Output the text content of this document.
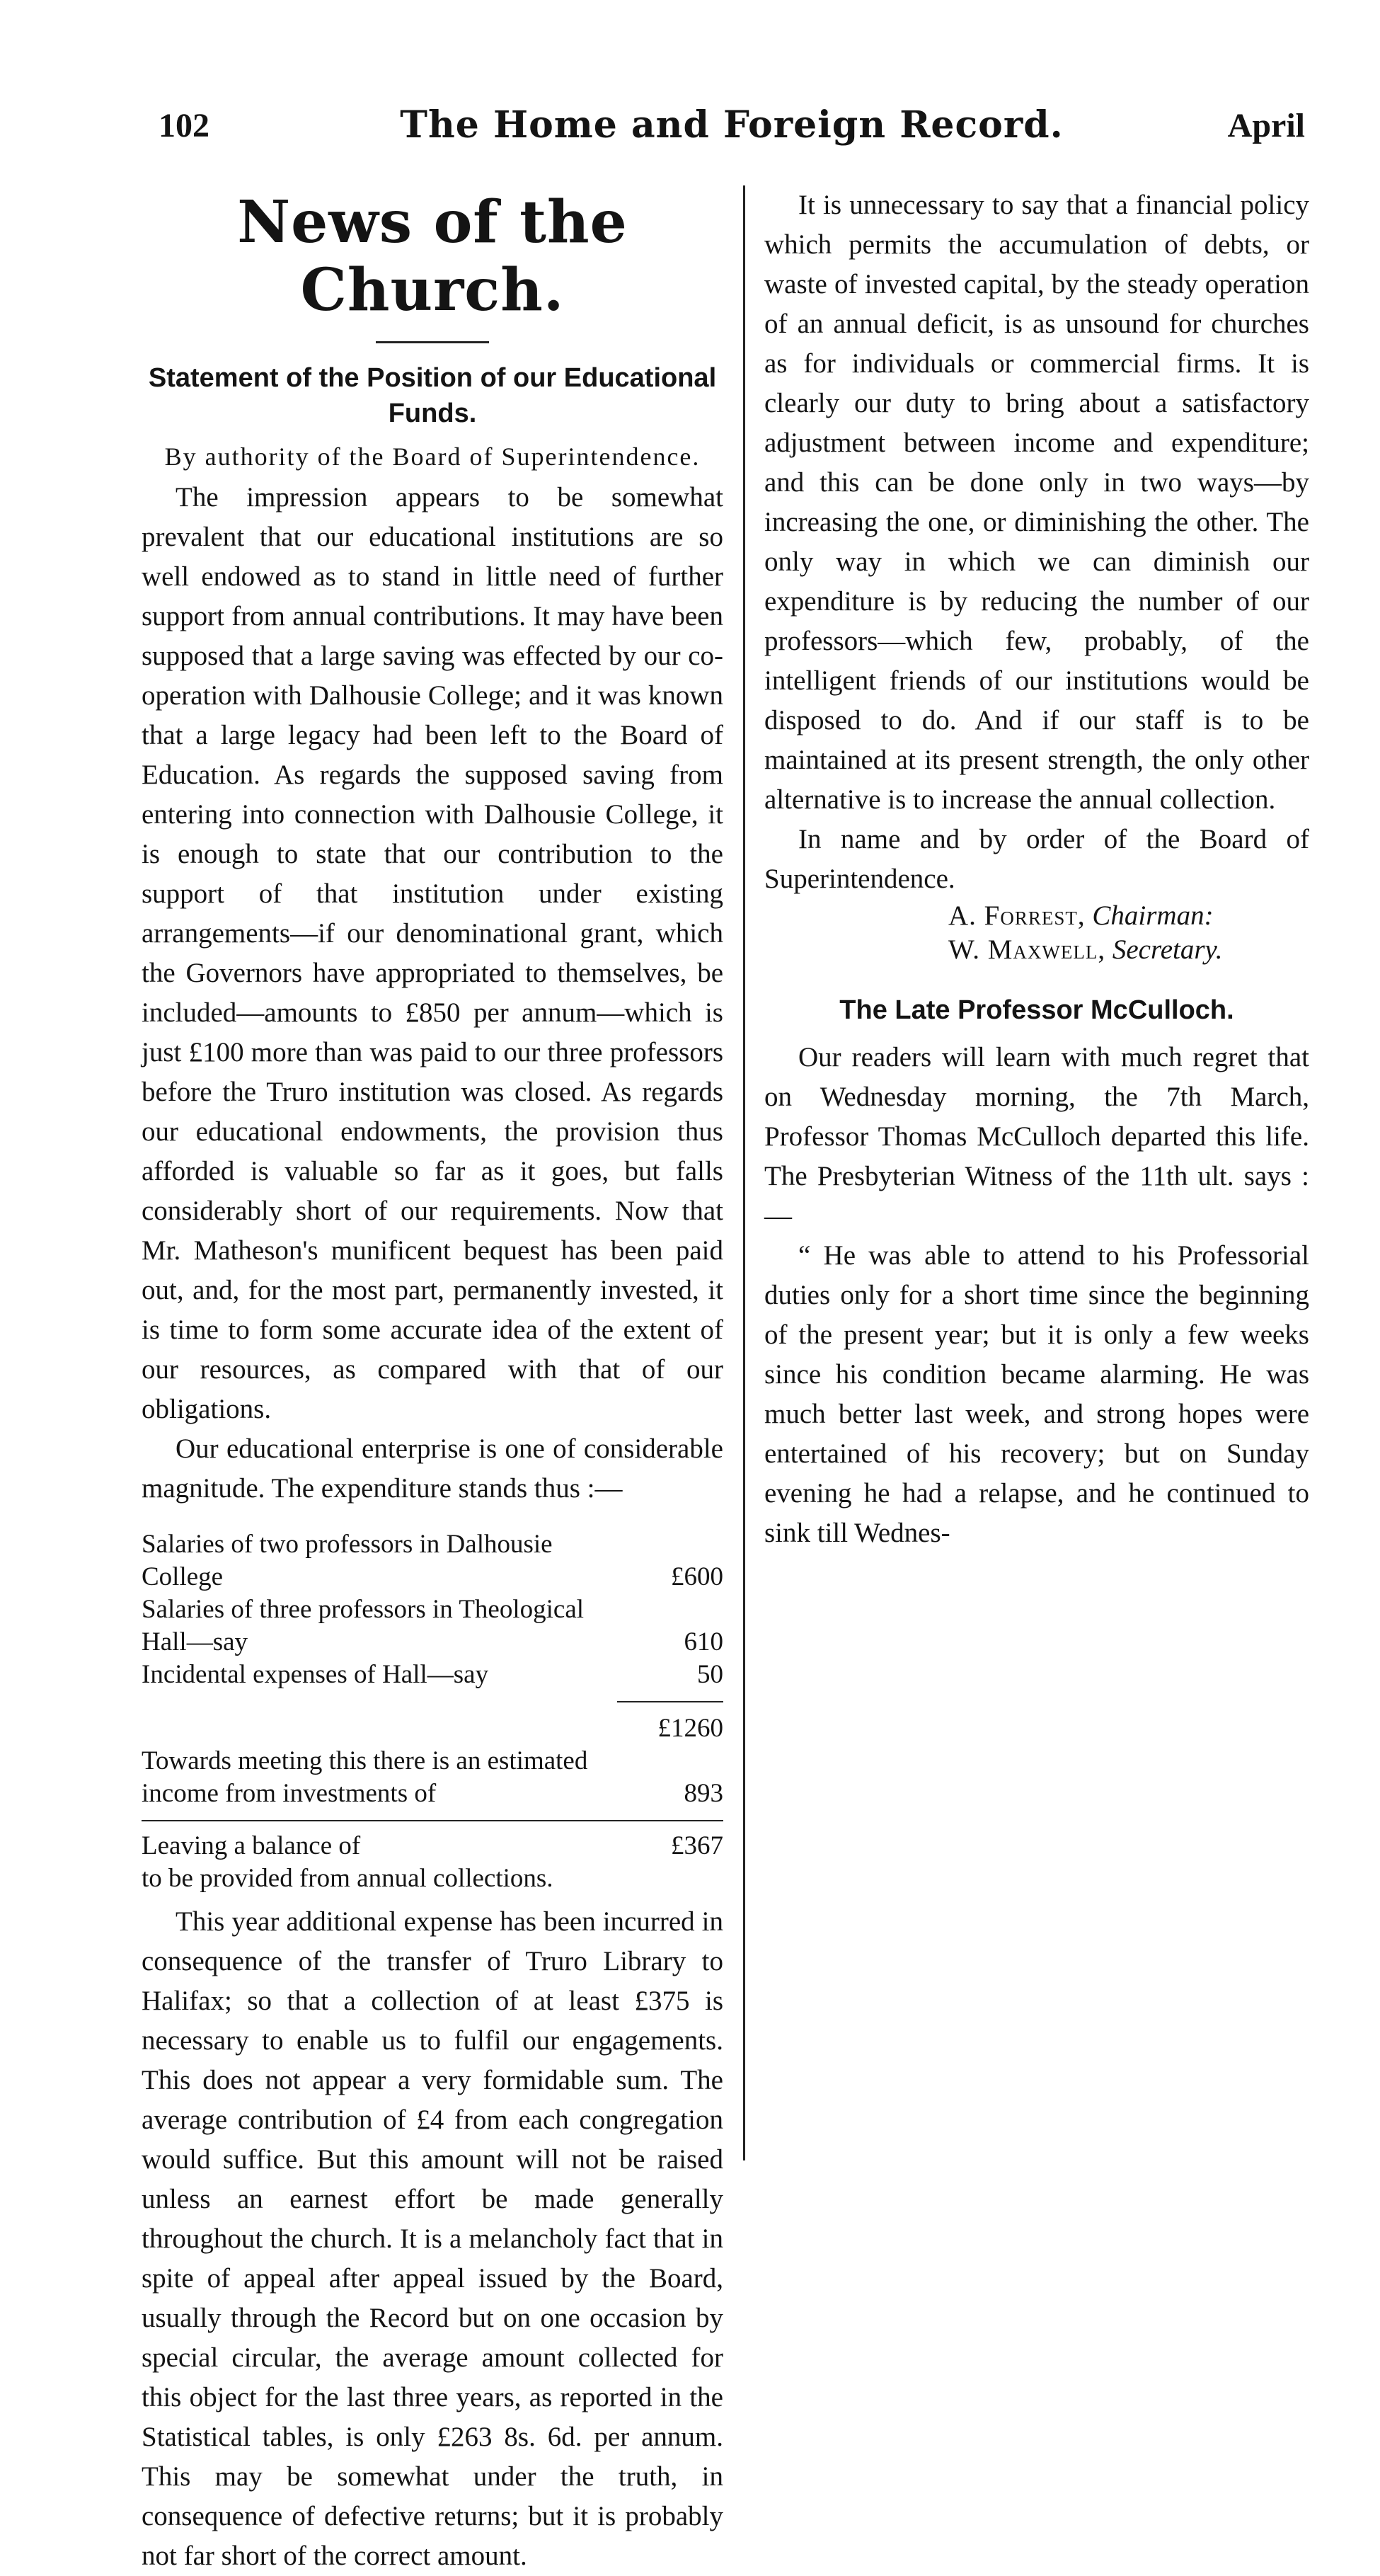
102	The Home and Foreign Record.	April
News of the Church.
Statement of the Position of our Educational Funds.
By authority of the Board of Superintendence.

The impression appears to be somewhat prevalent that our educational institutions are so well endowed as to stand in little need of further support from annual contributions. It may have been supposed that a large saving was effected by our co-operation with Dalhousie College; and it was known that a large legacy had been left to the Board of Education. As regards the supposed saving from entering into connection with Dalhousie College, it is enough to state that our contribution to the support of that institution under existing arrangements—if our denominational grant, which the Governors have appropriated to themselves, be included—amounts to £850 per annum—which is just £100 more than was paid to our three professors before the Truro institution was closed. As regards our educational endowments, the provision thus afforded is valuable so far as it goes, but falls considerably short of our requirements. Now that Mr. Matheson's munificent bequest has been paid out, and, for the most part, permanently invested, it is time to form some accurate idea of the extent of our resources, as compared with that of our obligations.

Our educational enterprise is one of considerable magnitude. The expenditure stands thus :—

Salaries of two professors in Dalhousie College	£600
Salaries of three professors in Theological Hall—say	610
Incidental expenses of Hall—say	50
£1260
Towards meeting this there is an estimated income from investments of	893
Leaving a balance of	£367
to be provided from annual collections.

This year additional expense has been incurred in consequence of the transfer of Truro Library to Halifax; so that a collection of at least £375 is necessary to enable us to fulfil our engagements. This does not appear a very formidable sum. The average contribution of £4 from each congregation would suffice. But this amount will not be raised unless an earnest effort be made generally throughout the church. It is a melancholy fact that in spite of appeal after appeal issued by the Board, usually through the Record but on one occasion by special circular, the average amount collected for this object for the last three years, as reported in the Statistical tables, is only £263 8s. 6d. per annum. This may be somewhat under the truth, in consequence of defective returns; but it is probably not far short of the correct amount.

It is unnecessary to say that a financial policy which permits the accumulation of debts, or waste of invested capital, by the steady operation of an annual deficit, is as unsound for churches as for individuals or commercial firms. It is clearly our duty to bring about a satisfactory adjustment between income and expenditure; and this can be done only in two ways—by increasing the one, or diminishing the other. The only way in which we can diminish our expenditure is by reducing the number of our professors—which few, probably, of the intelligent friends of our institutions would be disposed to do. And if our staff is to be maintained at its present strength, the only other alternative is to increase the annual collection.

In name and by order of the Board of Superintendence.

A. Forrest, Chairman:
W. Maxwell, Secretary.
The Late Professor McCulloch.

Our readers will learn with much regret that on Wednesday morning, the 7th March, Professor Thomas McCulloch departed this life. The Presbyterian Witness of the 11th ult. says :—

“ He was able to attend to his Professorial duties only for a short time since the beginning of the present year; but it is only a few weeks since his condition became alarming. He was much better last week, and strong hopes were entertained of his recovery; but on Sunday evening he had a relapse, and he continued to sink till Wednes-
